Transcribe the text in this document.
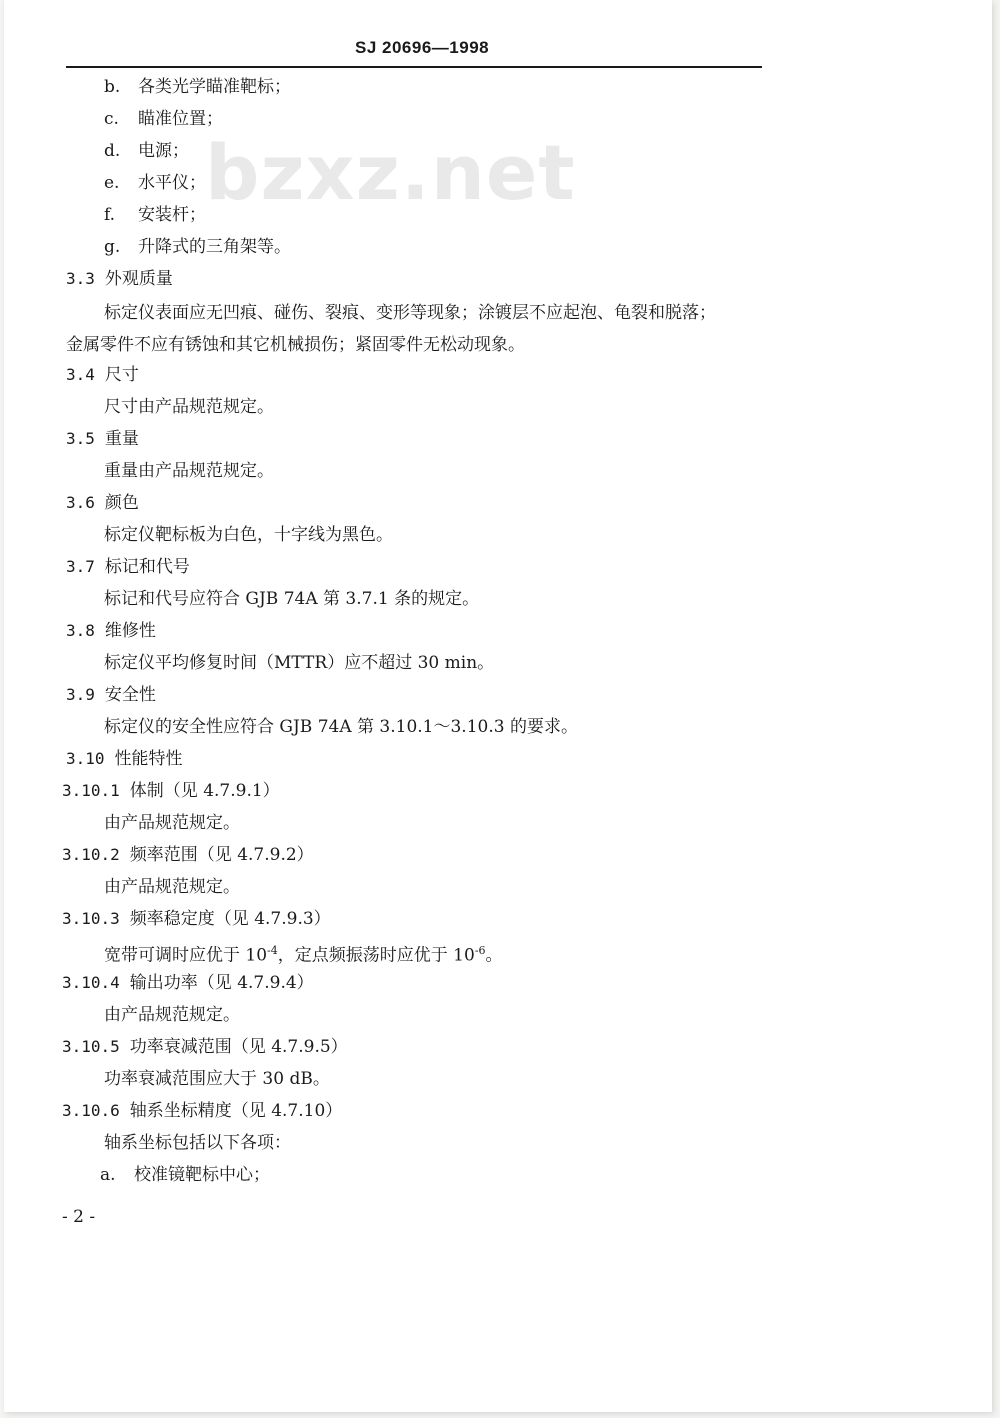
SJ 20696—1998
bzxz.net
b. 各类光学瞄准靶标；
c. 瞄准位置；
d. 电源；
e. 水平仪；
f. 安装杆；
g. 升降式的三角架等。
3.3 外观质量
标定仪表面应无凹痕、碰伤、裂痕、变形等现象；涂镀层不应起泡、龟裂和脱落；
金属零件不应有锈蚀和其它机械损伤；紧固零件无松动现象。
3.4 尺寸
尺寸由产品规范规定。
3.5 重量
重量由产品规范规定。
3.6 颜色
标定仪靶标板为白色，十字线为黑色。
3.7 标记和代号
标记和代号应符合 GJB 74A 第 3.7.1 条的规定。
3.8 维修性
标定仪平均修复时间（MTTR）应不超过 30 min。
3.9 安全性
标定仪的安全性应符合 GJB 74A 第 3.10.1～3.10.3 的要求。
3.10 性能特性
3.10.1 体制（见 4.7.9.1）
由产品规范规定。
3.10.2 频率范围（见 4.7.9.2）
由产品规范规定。
3.10.3 频率稳定度（见 4.7.9.3）
宽带可调时应优于 $10^{-4}$，定点频振荡时应优于 $10^{-6}$。
3.10.4 输出功率（见 4.7.9.4）
由产品规范规定。
3.10.5 功率衰减范围（见 4.7.9.5）
功率衰减范围应大于 30 dB。
3.10.6 轴系坐标精度（见 4.7.10）
轴系坐标包括以下各项：
a. 校准镜靶标中心；
- 2 -
